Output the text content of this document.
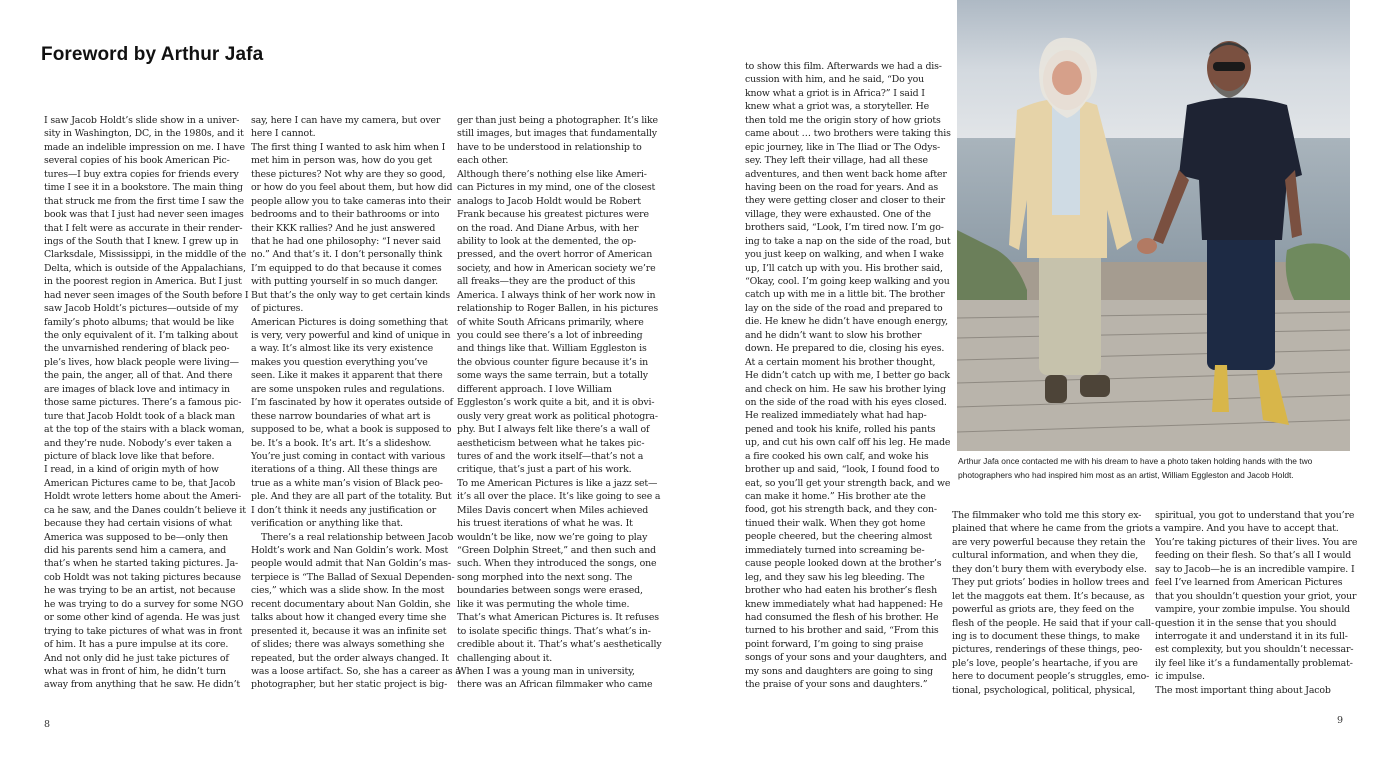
Foreword by Arthur Jafa
I saw Jacob Holdt’s slide show in a univer-
sity in Washington, DC, in the 1980s, and it
made an indelible impression on me. I have
several copies of his book American Pic-
tures—I buy extra copies for friends every
time I see it in a bookstore. The main thing
that struck me from the first time I saw the
book was that I just had never seen images
that I felt were as accurate in their render-
ings of the South that I knew. I grew up in
Clarksdale, Mississippi, in the middle of the
Delta, which is outside of the Appalachians,
in the poorest region in America. But I just
had never seen images of the South before I
saw Jacob Holdt’s pictures—outside of my
family’s photo albums; that would be like
the only equivalent of it. I’m talking about
the unvarnished rendering of black peo-
ple’s lives, how black people were living—
the pain, the anger, all of that. And there
are images of black love and intimacy in
those same pictures. There’s a famous pic-
ture that Jacob Holdt took of a black man
at the top of the stairs with a black woman,
and they’re nude. Nobody’s ever taken a
picture of black love like that before.
I read, in a kind of origin myth of how
American Pictures came to be, that Jacob
Holdt wrote letters home about the Ameri-
ca he saw, and the Danes couldn’t believe it
because they had certain visions of what
America was supposed to be—only then
did his parents send him a camera, and
that’s when he started taking pictures. Ja-
cob Holdt was not taking pictures because
he was trying to be an artist, not because
he was trying to do a survey for some NGO
or some other kind of agenda. He was just
trying to take pictures of what was in front
of him. It has a pure impulse at its core.
And not only did he just take pictures of
what was in front of him, he didn’t turn
away from anything that he saw. He didn’t
say, here I can have my camera, but over
here I cannot.
The first thing I wanted to ask him when I
met him in person was, how do you get
these pictures? Not why are they so good,
or how do you feel about them, but how did
people allow you to take cameras into their
bedrooms and to their bathrooms or into
their KKK rallies? And he just answered
that he had one philosophy: “I never said
no.” And that’s it. I don’t personally think
I’m equipped to do that because it comes
with putting yourself in so much danger.
But that’s the only way to get certain kinds
of pictures.
American Pictures is doing something that
is very, very powerful and kind of unique in
a way. It’s almost like its very existence
makes you question everything you’ve
seen. Like it makes it apparent that there
are some unspoken rules and regulations.
I’m fascinated by how it operates outside of
these narrow boundaries of what art is
supposed to be, what a book is supposed to
be. It’s a book. It’s art. It’s a slideshow.
You’re just coming in contact with various
iterations of a thing. All these things are
true as a white man’s vision of Black peo-
ple. And they are all part of the totality. But
I don’t think it needs any justification or
verification or anything like that.
There’s a real relationship between Jacob
Holdt’s work and Nan Goldin’s work. Most
people would admit that Nan Goldin’s mas-
terpiece is “The Ballad of Sexual Dependen-
cies,” which was a slide show. In the most
recent documentary about Nan Goldin, she
talks about how it changed every time she
presented it, because it was an infinite set
of slides; there was always something she
repeated, but the order always changed. It
was a loose artifact. So, she has a career as a
photographer, but her static project is big-
ger than just being a photographer. It’s like
still images, but images that fundamentally
have to be understood in relationship to
each other.
Although there’s nothing else like Ameri-
can Pictures in my mind, one of the closest
analogs to Jacob Holdt would be Robert
Frank because his greatest pictures were
on the road. And Diane Arbus, with her
ability to look at the demented, the op-
pressed, and the overt horror of American
society, and how in American society we’re
all freaks—they are the product of this
America. I always think of her work now in
relationship to Roger Ballen, in his pictures
of white South Africans primarily, where
you could see there’s a lot of inbreeding
and things like that. William Eggleston is
the obvious counter figure because it’s in
some ways the same terrain, but a totally
different approach. I love William
Eggleston’s work quite a bit, and it is obvi-
ously very great work as political photogra-
phy. But I always felt like there’s a wall of
aestheticism between what he takes pic-
tures of and the work itself—that’s not a
critique, that’s just a part of his work.
To me American Pictures is like a jazz set—
it’s all over the place. It’s like going to see a
Miles Davis concert when Miles achieved
his truest iterations of what he was. It
wouldn’t be like, now we’re going to play
“Green Dolphin Street,” and then such and
such. When they introduced the songs, one
song morphed into the next song. The
boundaries between songs were erased,
like it was permuting the whole time.
That’s what American Pictures is. It refuses
to isolate specific things. That’s what’s in-
credible about it. That’s what’s aesthetically
challenging about it.
When I was a young man in university,
there was an African filmmaker who came
to show this film. Afterwards we had a dis-
cussion with him, and he said, “Do you
know what a griot is in Africa?” I said I
knew what a griot was, a storyteller. He
then told me the origin story of how griots
came about … two brothers were taking this
epic journey, like in The Iliad or The Odys-
sey. They left their village, had all these
adventures, and then went back home after
having been on the road for years. And as
they were getting closer and closer to their
village, they were exhausted. One of the
brothers said, “Look, I’m tired now. I’m go-
ing to take a nap on the side of the road, but
you just keep on walking, and when I wake
up, I’ll catch up with you. His brother said,
“Okay, cool. I’m going keep walking and you
catch up with me in a little bit. The brother
lay on the side of the road and prepared to
die. He knew he didn’t have enough energy,
and he didn’t want to slow his brother
down. He prepared to die, closing his eyes.
At a certain moment his brother thought,
He didn’t catch up with me, I better go back
and check on him. He saw his brother lying
on the side of the road with his eyes closed.
He realized immediately what had hap-
pened and took his knife, rolled his pants
up, and cut his own calf off his leg. He made
a fire cooked his own calf, and woke his
brother up and said, “look, I found food to
eat, so you’ll get your strength back, and we
can make it home.” His brother ate the
food, got his strength back, and they con-
tinued their walk. When they got home
people cheered, but the cheering almost
immediately turned into screaming be-
cause people looked down at the brother’s
leg, and they saw his leg bleeding. The
brother who had eaten his brother’s flesh
knew immediately what had happened: He
had consumed the flesh of his brother. He
turned to his brother and said, “From this
point forward, I’m going to sing praise
songs of your sons and your daughters, and
my sons and daughters are going to sing
the praise of your sons and daughters.”
The filmmaker who told me this story ex-
plained that where he came from the griots
are very powerful because they retain the
cultural information, and when they die,
they don’t bury them with everybody else.
They put griots’ bodies in hollow trees and
let the maggots eat them. It’s because, as
powerful as griots are, they feed on the
flesh of the people. He said that if your call-
ing is to document these things, to make
pictures, renderings of these things, peo-
ple’s love, people’s heartache, if you are
here to document people’s struggles, emo-
tional, psychological, political, physical,
spiritual, you got to understand that you’re
a vampire. And you have to accept that.
You’re taking pictures of their lives. You are
feeding on their flesh. So that’s all I would
say to Jacob—he is an incredible vampire. I
feel I’ve learned from American Pictures
that you shouldn’t question your griot, your
vampire, your zombie impulse. You should
question it in the sense that you should
interrogate it and understand it in its full-
est complexity, but you shouldn’t necessar-
ily feel like it’s a fundamentally problemat-
ic impulse.
The most important thing about Jacob
8	9
Arthur Jafa once contacted me with his dream to have a photo taken holding hands with the two
photographers who had inspired him most as an artist, William Eggleston and Jacob Holdt.
